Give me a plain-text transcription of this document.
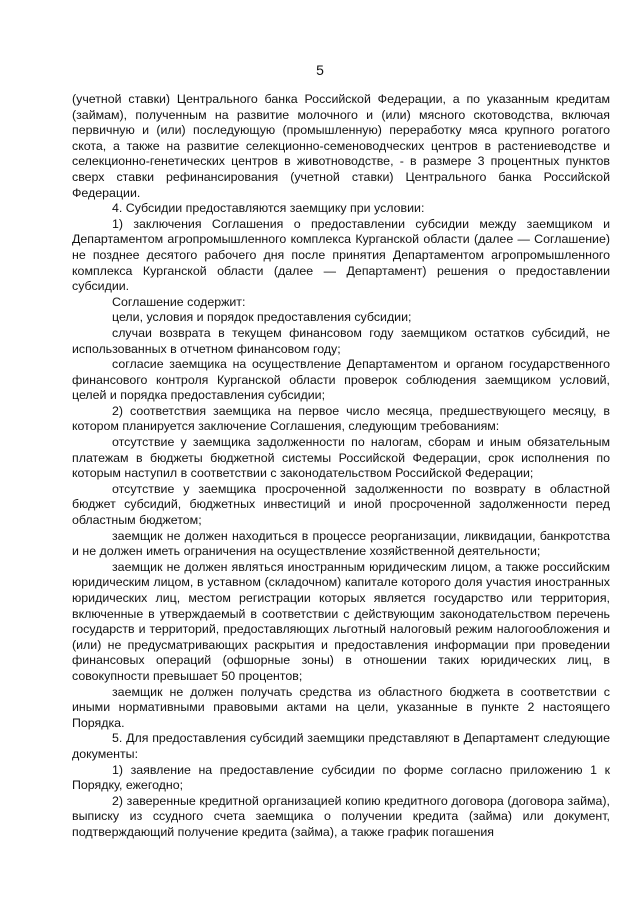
5

(учетной ставки) Центрального банка Российской Федерации, а по указанным кредитам (займам), полученным на развитие молочного и (или) мясного скотоводства, включая первичную и (или) последующую (промышленную) переработку мяса крупного рогатого скота, а также на развитие селекционно-семеноводческих центров в растениеводстве и селекционно-генетических центров в животноводстве, - в размере 3 процентных пунктов сверх ставки рефинансирования (учетной ставки) Центрального банка Российской Федерации.

4. Субсидии предоставляются заемщику при условии:

1) заключения Соглашения о предоставлении субсидии между заемщиком и Департаментом агропромышленного комплекса Курганской области (далее — Соглашение) не позднее десятого рабочего дня после принятия Департаментом агропромышленного комплекса Курганской области (далее — Департамент) решения о предоставлении субсидии.

Соглашение содержит:

цели, условия и порядок предоставления субсидии;

случаи возврата в текущем финансовом году заемщиком остатков субсидий, не использованных в отчетном финансовом году;

согласие заемщика на осуществление Департаментом и органом государственного финансового контроля Курганской области проверок соблюдения заемщиком условий, целей и порядка предоставления субсидии;

2) соответствия заемщика на первое число месяца, предшествующего месяцу, в котором планируется заключение Соглашения, следующим требованиям:

отсутствие у заемщика задолженности по налогам, сборам и иным обязательным платежам в бюджеты бюджетной системы Российской Федерации, срок исполнения по которым наступил в соответствии с законодательством Российской Федерации;

отсутствие у заемщика просроченной задолженности по возврату в областной бюджет субсидий, бюджетных инвестиций и иной просроченной задолженности перед областным бюджетом;

заемщик не должен находиться в процессе реорганизации, ликвидации, банкротства и не должен иметь ограничения на осуществление хозяйственной деятельности;

заемщик не должен являться иностранным юридическим лицом, а также российским юридическим лицом, в уставном (складочном) капитале которого доля участия иностранных юридических лиц, местом регистрации которых является государство или территория, включенные в утверждаемый в соответствии с действующим законодательством перечень государств и территорий, предоставляющих льготный налоговый режим налогообложения и (или) не предусматривающих раскрытия и предоставления информации при проведении финансовых операций (офшорные зоны) в отношении таких юридических лиц, в совокупности превышает 50 процентов;

заемщик не должен получать средства из областного бюджета в соответствии с иными нормативными правовыми актами на цели, указанные в пункте 2 настоящего Порядка.

5. Для предоставления субсидий заемщики представляют в Департамент следующие документы:

1) заявление на предоставление субсидии по форме согласно приложению 1 к Порядку, ежегодно;

2) заверенные кредитной организацией копию кредитного договора (договора займа), выписку из ссудного счета заемщика о получении кредита (займа) или документ, подтверждающий получение кредита (займа), а также график погашения
